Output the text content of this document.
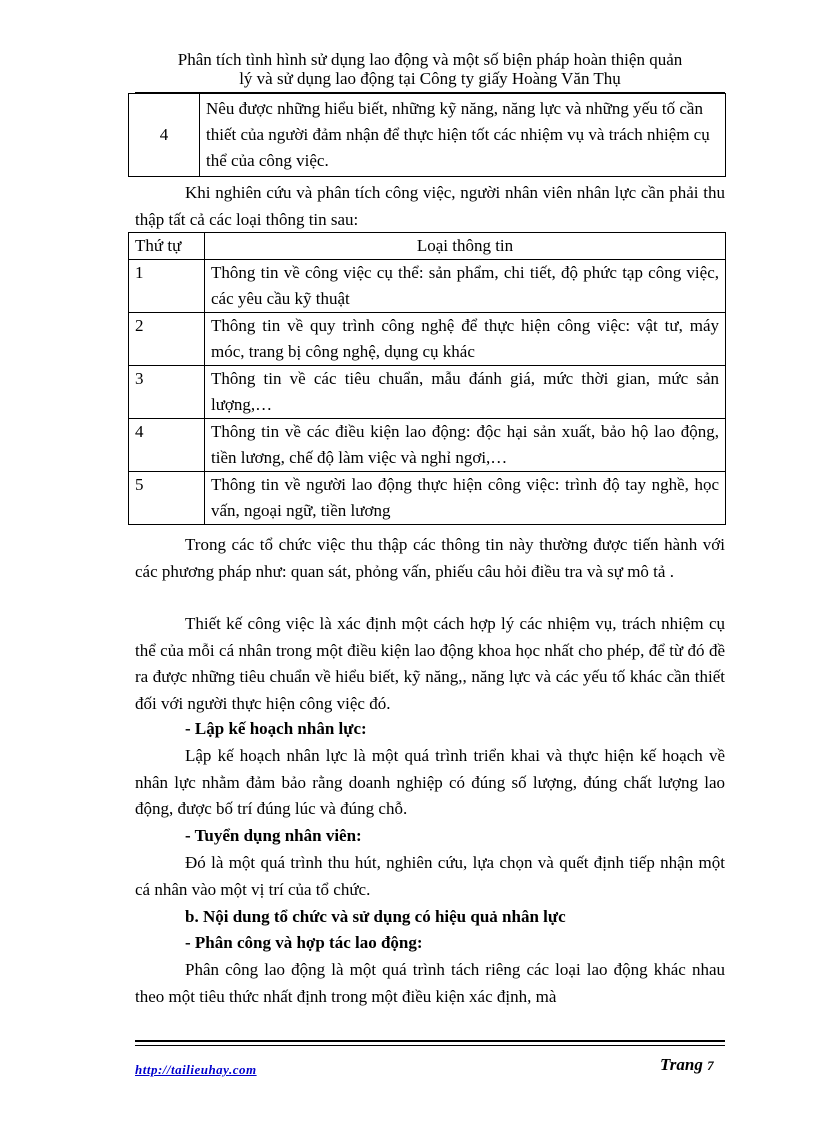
Phân tích tình hình sử dụng lao động và một số biện pháp hoàn thiện quản
lý và sử dụng lao động tại Công ty giấy Hoàng Văn Thụ
4	Nêu được những hiểu biết, những kỹ năng, năng lực và những yếu tố cần thiết của người đảm nhận để thực hiện tốt các nhiệm vụ và trách nhiệm cụ thể của công việc.

Khi nghiên cứu và phân tích công việc, người nhân viên nhân lực cần phải thu thập tất cả các loại thông tin sau:

Thứ tự	Loại thông tin
1	Thông tin về công việc cụ thể: sản phẩm, chi tiết, độ phức tạp công việc, các yêu cầu kỹ thuật
2	Thông tin về quy trình công nghệ để thực hiện công việc: vật tư, máy móc, trang bị công nghệ, dụng cụ khác
3	Thông tin về các tiêu chuẩn, mẫu đánh giá, mức thời gian, mức sản lượng,…
4	Thông tin về các điều kiện lao động: độc hại sản xuất, bảo hộ lao động, tiền lương, chế độ làm việc và nghỉ ngơi,…
5	Thông tin về người lao động thực hiện công việc: trình độ tay nghề, học vấn, ngoại ngữ, tiền lương

Trong các tổ chức việc thu thập các thông tin này thường được tiến hành với các phương pháp như: quan sát, phỏng vấn, phiếu câu hỏi điều tra và sự mô tả .

Thiết kế công việc là xác định một cách hợp lý các nhiệm vụ, trách nhiệm cụ thể của mỗi cá nhân trong một điều kiện lao động khoa học nhất cho phép, để từ đó đề ra được những tiêu chuẩn về hiểu biết, kỹ năng,, năng lực và các yếu tố khác cần thiết đối với người thực hiện công việc đó.

- Lập kế hoạch nhân lực:

Lập kế hoạch nhân lực là một quá trình triển khai và thực hiện kế hoạch về nhân lực nhằm đảm bảo rằng doanh nghiệp có đúng số lượng, đúng chất lượng lao động, được bố trí đúng lúc và đúng chỗ.

- Tuyển dụng nhân viên:

Đó là một quá trình thu hút, nghiên cứu, lựa chọn và quết định tiếp nhận một cá nhân vào một vị trí của tổ chức.

b. Nội dung tổ chức và sử dụng có hiệu quả nhân lực

- Phân công và hợp tác lao động:

Phân công lao động là một quá trình tách riêng các loại lao động khác nhau theo một tiêu thức nhất định trong một điều kiện xác định, mà

http://tailieuhay.com	Trang 7
